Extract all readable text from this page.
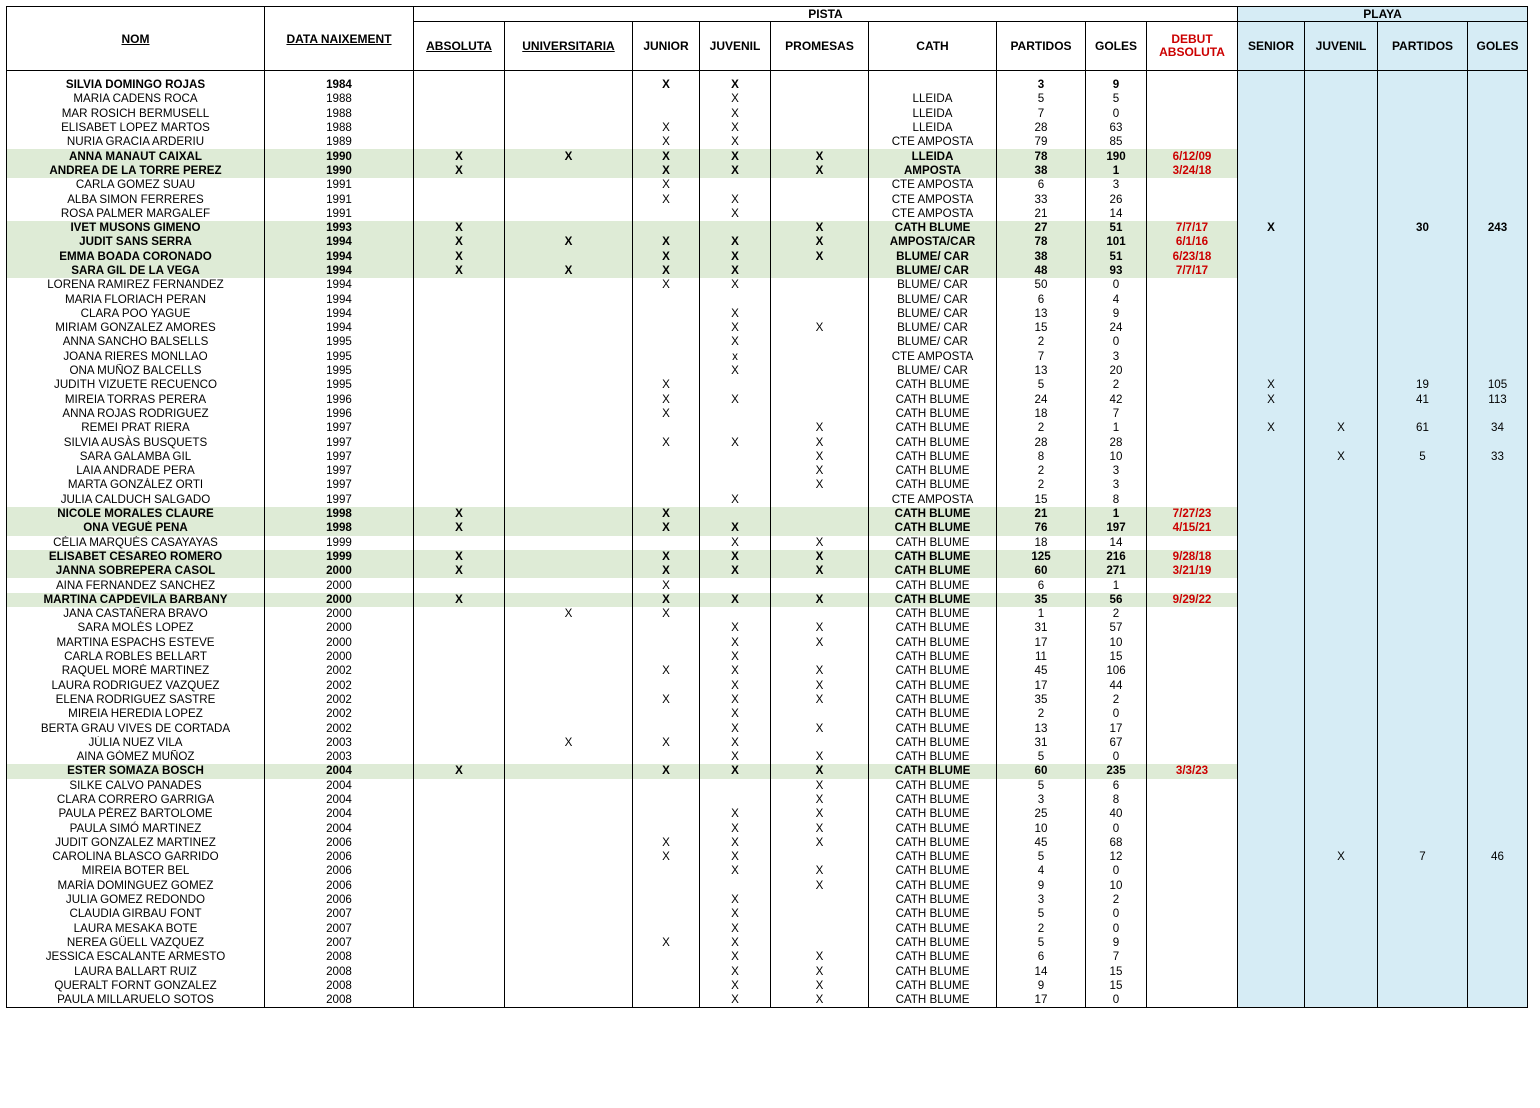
NOM	DATA NAIXEMENT	PISTA									PLAYA			
		ABSOLUTA	UNIVERSITARIA	JUNIOR	JUVENIL	PROMESAS	CATH	PARTIDOS	GOLES	DEBUT ABSOLUTA	SENIOR	JUVENIL	PARTIDOS	GOLES

SILVIA DOMINGO ROJAS	1984			X	X			3	9					
MARIA CADENS ROCA	1988				X		LLEIDA	5	5					
MAR ROSICH BERMUSELL	1988				X		LLEIDA	7	0					
ELISABET LOPEZ MARTOS	1988			X	X		LLEIDA	28	63					
NURIA GRACIA ARDERIU	1989			X	X		CTE AMPOSTA	79	85					
ANNA MANAUT CAIXAL	1990	X	X	X	X	X	LLEIDA	78	190	6/12/09				
ANDREA DE LA TORRE PEREZ	1990	X		X	X	X	AMPOSTA	38	1	3/24/18				
CARLA GOMEZ SUAU	1991			X			CTE AMPOSTA	6	3					
ALBA SIMON FERRERES	1991			X	X		CTE AMPOSTA	33	26					
ROSA PALMER MARGALEF	1991				X		CTE AMPOSTA	21	14					
IVET MUSONS GIMENO	1993	X				X	CATH BLUME	27	51	7/7/17	X		30	243
JUDIT SANS SERRA	1994	X	X	X	X	X	AMPOSTA/CAR	78	101	6/1/16				
EMMA BOADA CORONADO	1994	X		X	X	X	BLUME/ CAR	38	51	6/23/18				
SARA GIL DE LA VEGA	1994	X	X	X	X		BLUME/ CAR	48	93	7/7/17				
LORENA RAMIREZ FERNANDEZ	1994			X	X		BLUME/ CAR	50	0					
MARIA FLORIACH PERAN	1994						BLUME/ CAR	6	4					
CLARA POO YAGUE	1994				X		BLUME/ CAR	13	9					
MIRIAM GONZALEZ AMORES	1994				X	X	BLUME/ CAR	15	24					
ANNA SANCHO BALSELLS	1995				X		BLUME/ CAR	2	0					
JOANA RIERES MONLLAO	1995				x		CTE AMPOSTA	7	3					
ONA MUÑOZ BALCELLS	1995				X		BLUME/ CAR	13	20					
JUDITH VIZUETE RECUENCO	1995			X			CATH BLUME	5	2		X		19	105
MIREIA TORRAS PERERA	1996			X	X		CATH BLUME	24	42		X		41	113
ANNA ROJAS RODRIGUEZ	1996			X			CATH BLUME	18	7					
REMEI PRAT RIERA	1997					X	CATH BLUME	2	1		X	X	61	34
SILVIA AUSÀS BUSQUETS	1997			X	X	X	CATH BLUME	28	28					
SARA GALAMBA GIL	1997					X	CATH BLUME	8	10			X	5	33
LAIA ANDRADE PERA	1997					X	CATH BLUME	2	3					
MARTA GONZÁLEZ ORTI	1997					X	CATH BLUME	2	3					
JULIA CALDUCH SALGADO	1997				X		CTE AMPOSTA	15	8					
NICOLE MORALES CLAURE	1998	X		X			CATH BLUME	21	1	7/27/23				
ONA VEGUÉ PENA	1998	X		X	X		CATH BLUME	76	197	4/15/21				
CÉLIA MARQUÈS CASAYAYAS	1999				X	X	CATH BLUME	18	14					
ELISABET CESAREO ROMERO	1999	X		X	X	X	CATH BLUME	125	216	9/28/18				
JANNA SOBREPERA CASOL	2000	X		X	X	X	CATH BLUME	60	271	3/21/19				
AINA FERNANDEZ SANCHEZ	2000			X			CATH BLUME	6	1					
MARTINA CAPDEVILA BARBANY	2000	X		X	X	X	CATH BLUME	35	56	9/29/22				
JANA CASTAÑERA BRAVO	2000		X	X			CATH BLUME	1	2					
SARA MOLÉS LOPEZ	2000				X	X	CATH BLUME	31	57					
MARTINA ESPACHS ESTEVE	2000				X	X	CATH BLUME	17	10					
CARLA ROBLES BELLART	2000				X		CATH BLUME	11	15					
RAQUEL MORÉ MARTINEZ	2002			X	X	X	CATH BLUME	45	106					
LAURA RODRIGUEZ VAZQUEZ	2002				X	X	CATH BLUME	17	44					
ELENA RODRIGUEZ SASTRE	2002			X	X	X	CATH BLUME	35	2					
MIREIA HEREDIA LOPEZ	2002				X		CATH BLUME	2	0					
BERTA GRAU VIVES DE CORTADA	2002				X	X	CATH BLUME	13	17					
JÚLIA NUEZ VILA	2003		X	X	X		CATH BLUME	31	67					
AINA GÓMEZ MUÑOZ	2003				X	X	CATH BLUME	5	0					
ESTER SOMAZA BOSCH	2004	X		X	X	X	CATH BLUME	60	235	3/3/23				
SILKE CALVO PANADES	2004					X	CATH BLUME	5	6					
CLARA CORRERO GARRIGA	2004					X	CATH BLUME	3	8					
PAULA PÉREZ BARTOLOME	2004				X	X	CATH BLUME	25	40					
PAULA SIMÓ MARTINEZ	2004				X	X	CATH BLUME	10	0					
JUDIT GONZALEZ MARTINEZ	2006			X	X	X	CATH BLUME	45	68					
CAROLINA BLASCO GARRIDO	2006			X	X		CATH BLUME	5	12			X	7	46
MIREIA BOTER BEL	2006				X	X	CATH BLUME	4	0					
MARÍA DOMINGUEZ GOMEZ	2006					X	CATH BLUME	9	10					
JULIA GOMEZ REDONDO	2006				X		CATH BLUME	3	2					
CLAUDIA GIRBAU FONT	2007				X		CATH BLUME	5	0					
LAURA MESAKA BOTE	2007				X		CATH BLUME	2	0					
NEREA GÜELL VAZQUEZ	2007			X	X		CATH BLUME	5	9					
JESSICA ESCALANTE ARMESTO	2008				X	X	CATH BLUME	6	7					
LAURA BALLART RUIZ	2008				X	X	CATH BLUME	14	15					
QUERALT FORNT GONZALEZ	2008				X	X	CATH BLUME	9	15					
PAULA MILLARUELO SOTOS	2008				X	X	CATH BLUME	17	0					
